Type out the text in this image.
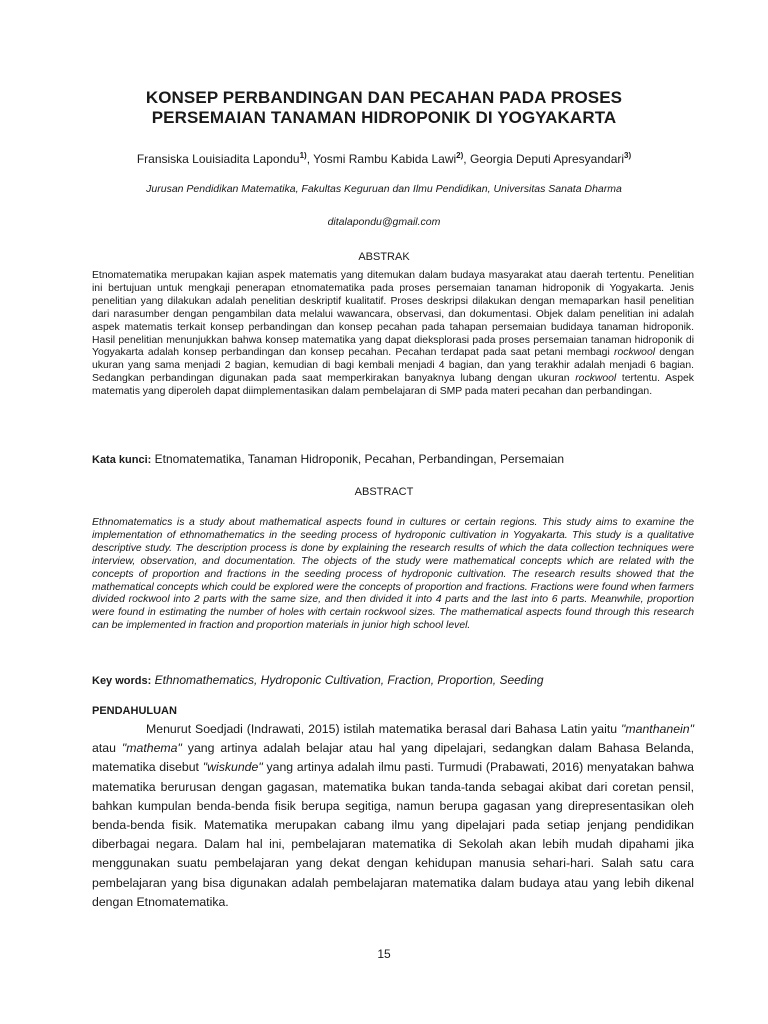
KONSEP PERBANDINGAN DAN PECAHAN PADA PROSES
PERSEMAIAN TANAMAN HIDROPONIK DI YOGYAKARTA
Fransiska Louisiadita Lapondu$^{1)}$, Yosmi Rambu Kabida Lawi$^{2)}$, Georgia Deputi Apresyandari$^{3)}$
Jurusan Pendidikan Matematika, Fakultas Keguruan dan Ilmu Pendidikan, Universitas Sanata Dharma
ditalapondu@gmail.com
ABSTRAK

Etnomatematika merupakan kajian aspek matematis yang ditemukan dalam budaya masyarakat atau daerah tertentu. Penelitian ini bertujuan untuk mengkaji penerapan etnomatematika pada proses persemaian tanaman hidroponik di Yogyakarta. Jenis penelitian yang dilakukan adalah penelitian deskriptif kualitatif. Proses deskripsi dilakukan dengan memaparkan hasil penelitian dari narasumber dengan pengambilan data melalui wawancara, observasi, dan dokumentasi. Objek dalam penelitian ini adalah aspek matematis terkait konsep perbandingan dan konsep pecahan pada tahapan persemaian budidaya tanaman hidroponik. Hasil penelitian menunjukkan bahwa konsep matematika yang dapat dieksplorasi pada proses persemaian tanaman hidroponik di Yogyakarta adalah konsep perbandingan dan konsep pecahan. Pecahan terdapat pada saat petani membagi rockwool dengan ukuran yang sama menjadi 2 bagian, kemudian di bagi kembali menjadi 4 bagian, dan yang terakhir adalah menjadi 6 bagian. Sedangkan perbandingan digunakan pada saat memperkirakan banyaknya lubang dengan ukuran rockwool tertentu. Aspek matematis yang diperoleh dapat diimplementasikan dalam pembelajaran di SMP pada materi pecahan dan perbandingan.

Kata kunci: Etnomatematika, Tanaman Hidroponik, Pecahan, Perbandingan, Persemaian
ABSTRACT

Ethnomatematics is a study about mathematical aspects found in cultures or certain regions. This study aims to examine the implementation of ethnomathematics in the seeding process of hydroponic cultivation in Yogyakarta. This study is a qualitative descriptive study. The description process is done by explaining the research results of which the data collection techniques were interview, observation, and documentation. The objects of the study were mathematical concepts which are related with the concepts of proportion and fractions in the seeding process of hydroponic cultivation. The research results showed that the mathematical concepts which could be explored were the concepts of proportion and fractions. Fractions were found when farmers divided rockwool into 2 parts with the same size, and then divided it into 4 parts and the last into 6 parts. Meanwhile, proportion were found in estimating the number of holes with certain rockwool sizes. The mathematical aspects found through this research can be implemented in fraction and proportion materials in junior high school level.

Key words: Ethnomathematics, Hydroponic Cultivation, Fraction, Proportion, Seeding
PENDAHULUAN

Menurut Soedjadi (Indrawati, 2015) istilah matematika berasal dari Bahasa Latin yaitu "manthanein" atau "mathema" yang artinya adalah belajar atau hal yang dipelajari, sedangkan dalam Bahasa Belanda, matematika disebut "wiskunde" yang artinya adalah ilmu pasti. Turmudi (Prabawati, 2016) menyatakan bahwa matematika berurusan dengan gagasan, matematika bukan tanda-tanda sebagai akibat dari coretan pensil, bahkan kumpulan benda-benda fisik berupa segitiga, namun berupa gagasan yang direpresentasikan oleh benda-benda fisik. Matematika merupakan cabang ilmu yang dipelajari pada setiap jenjang pendidikan diberbagai negara. Dalam hal ini, pembelajaran matematika di Sekolah akan lebih mudah dipahami jika menggunakan suatu pembelajaran yang dekat dengan kehidupan manusia sehari-hari. Salah satu cara pembelajaran yang bisa digunakan adalah pembelajaran matematika dalam budaya atau yang lebih dikenal dengan Etnomatematika.

15
